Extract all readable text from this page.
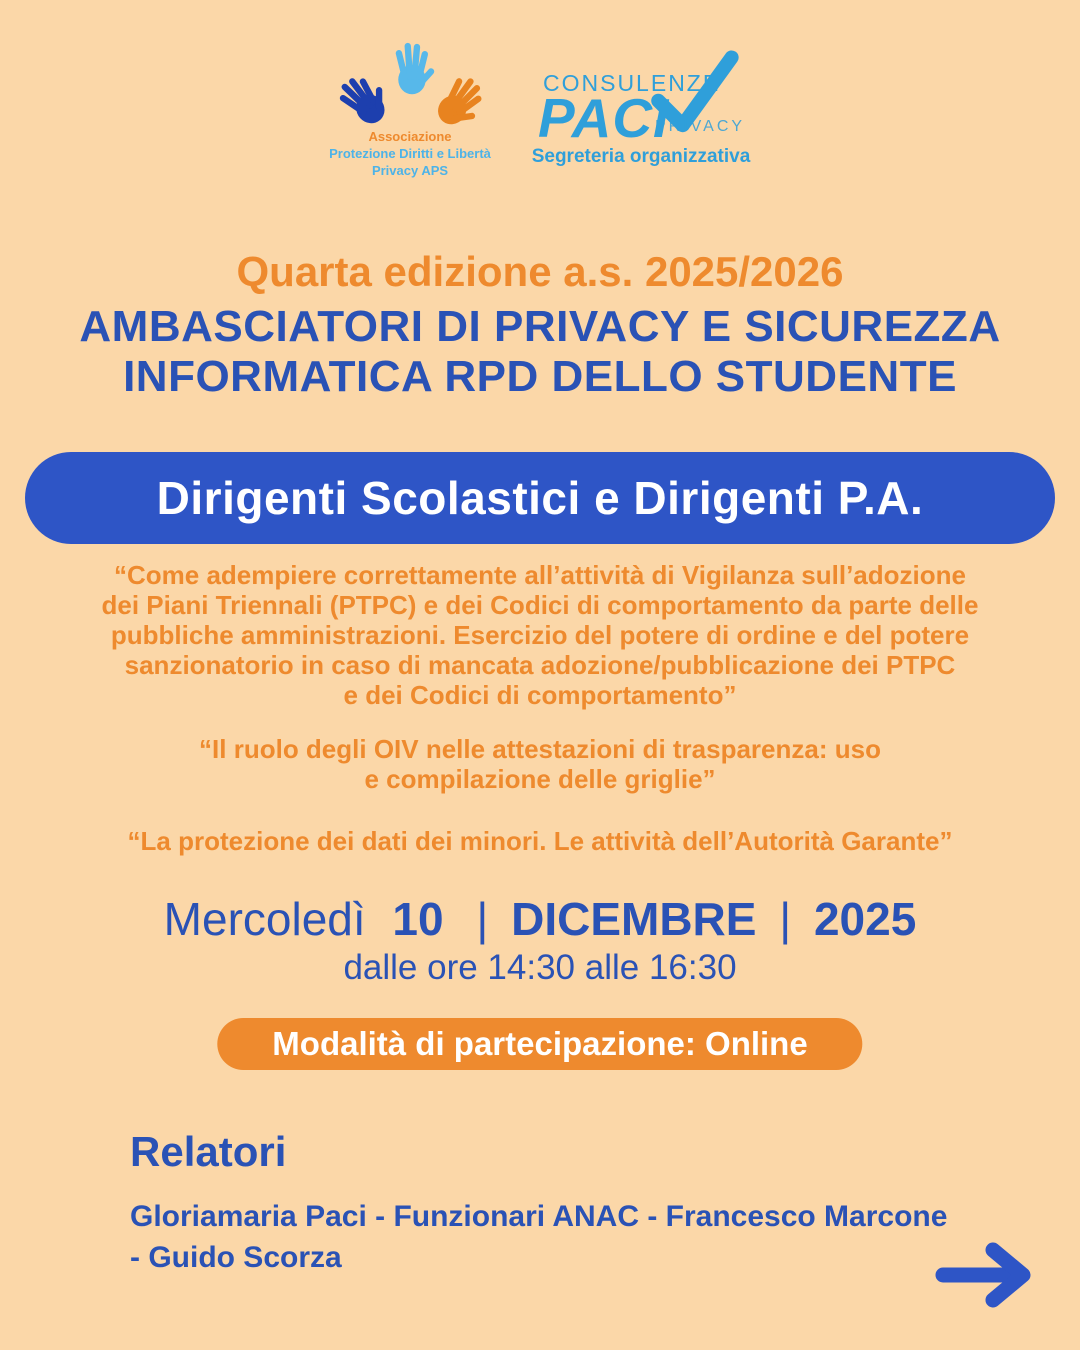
Associazione
Protezione Diritti e Libertà
Privacy APS
CONSULENZE
PACI
PRIVACY
Segreteria organizzativa
Quarta edizione a.s. 2025/2026
AMBASCIATORI DI PRIVACY E SICUREZZA
INFORMATICA RPD DELLO STUDENTE
Dirigenti Scolastici e Dirigenti P.A.
“Come adempiere correttamente all’attività di Vigilanza sull’adozione
dei Piani Triennali (PTPC) e dei Codici di comportamento da parte delle
pubbliche amministrazioni. Esercizio del potere di ordine e del potere
sanzionatorio in caso di mancata adozione/pubblicazione dei PTPC
e dei Codici di comportamento”
“Il ruolo degli OIV nelle attestazioni di trasparenza: uso
e compilazione delle griglie”
“La protezione dei dati dei minori. Le attività dell’Autorità Garante”
Mercoledì 10 | DICEMBRE | 2025
dalle ore 14:30 alle 16:30
Modalità di partecipazione: Online
Relatori
Gloriamaria Paci - Funzionari ANAC - Francesco Marcone
- Guido Scorza
